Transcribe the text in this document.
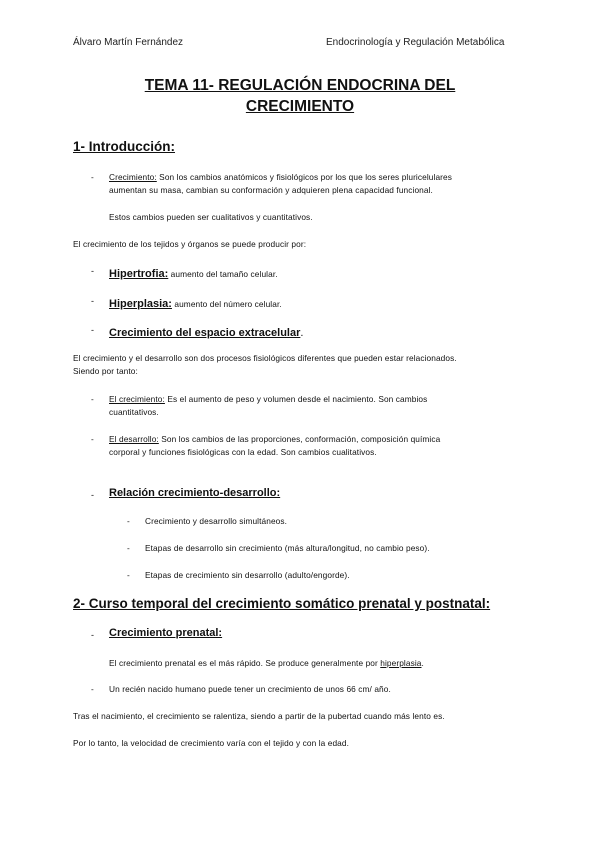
Álvaro Martín Fernández	Endocrinología y Regulación Metabólica
TEMA 11- REGULACIÓN ENDOCRINA DEL
CRECIMIENTO
1- Introducción:
- Crecimiento: Son los cambios anatómicos y fisiológicos por los que los seres pluricelulares
aumentan su masa, cambian su conformación y adquieren plena capacidad funcional.
Estos cambios pueden ser cualitativos y cuantitativos.
El crecimiento de los tejidos y órganos se puede producir por:
- Hipertrofia: aumento del tamaño celular.
- Hiperplasia: aumento del número celular.
- Crecimiento del espacio extracelular.
El crecimiento y el desarrollo son dos procesos fisiológicos diferentes que pueden estar relacionados.
Siendo por tanto:
- El crecimiento: Es el aumento de peso y volumen desde el nacimiento. Son cambios
cuantitativos.
- El desarrollo: Son los cambios de las proporciones, conformación, composición química
corporal y funciones fisiológicas con la edad. Son cambios cualitativos.
- Relación crecimiento-desarrollo:
- Crecimiento y desarrollo simultáneos.
- Etapas de desarrollo sin crecimiento (más altura/longitud, no cambio peso).
- Etapas de crecimiento sin desarrollo (adulto/engorde).
2- Curso temporal del crecimiento somático prenatal y postnatal:
- Crecimiento prenatal:
El crecimiento prenatal es el más rápido. Se produce generalmente por hiperplasia.
- Un recién nacido humano puede tener un crecimiento de unos 66 cm/ año.
Tras el nacimiento, el crecimiento se ralentiza, siendo a partir de la pubertad cuando más lento es.
Por lo tanto, la velocidad de crecimiento varía con el tejido y con la edad.
